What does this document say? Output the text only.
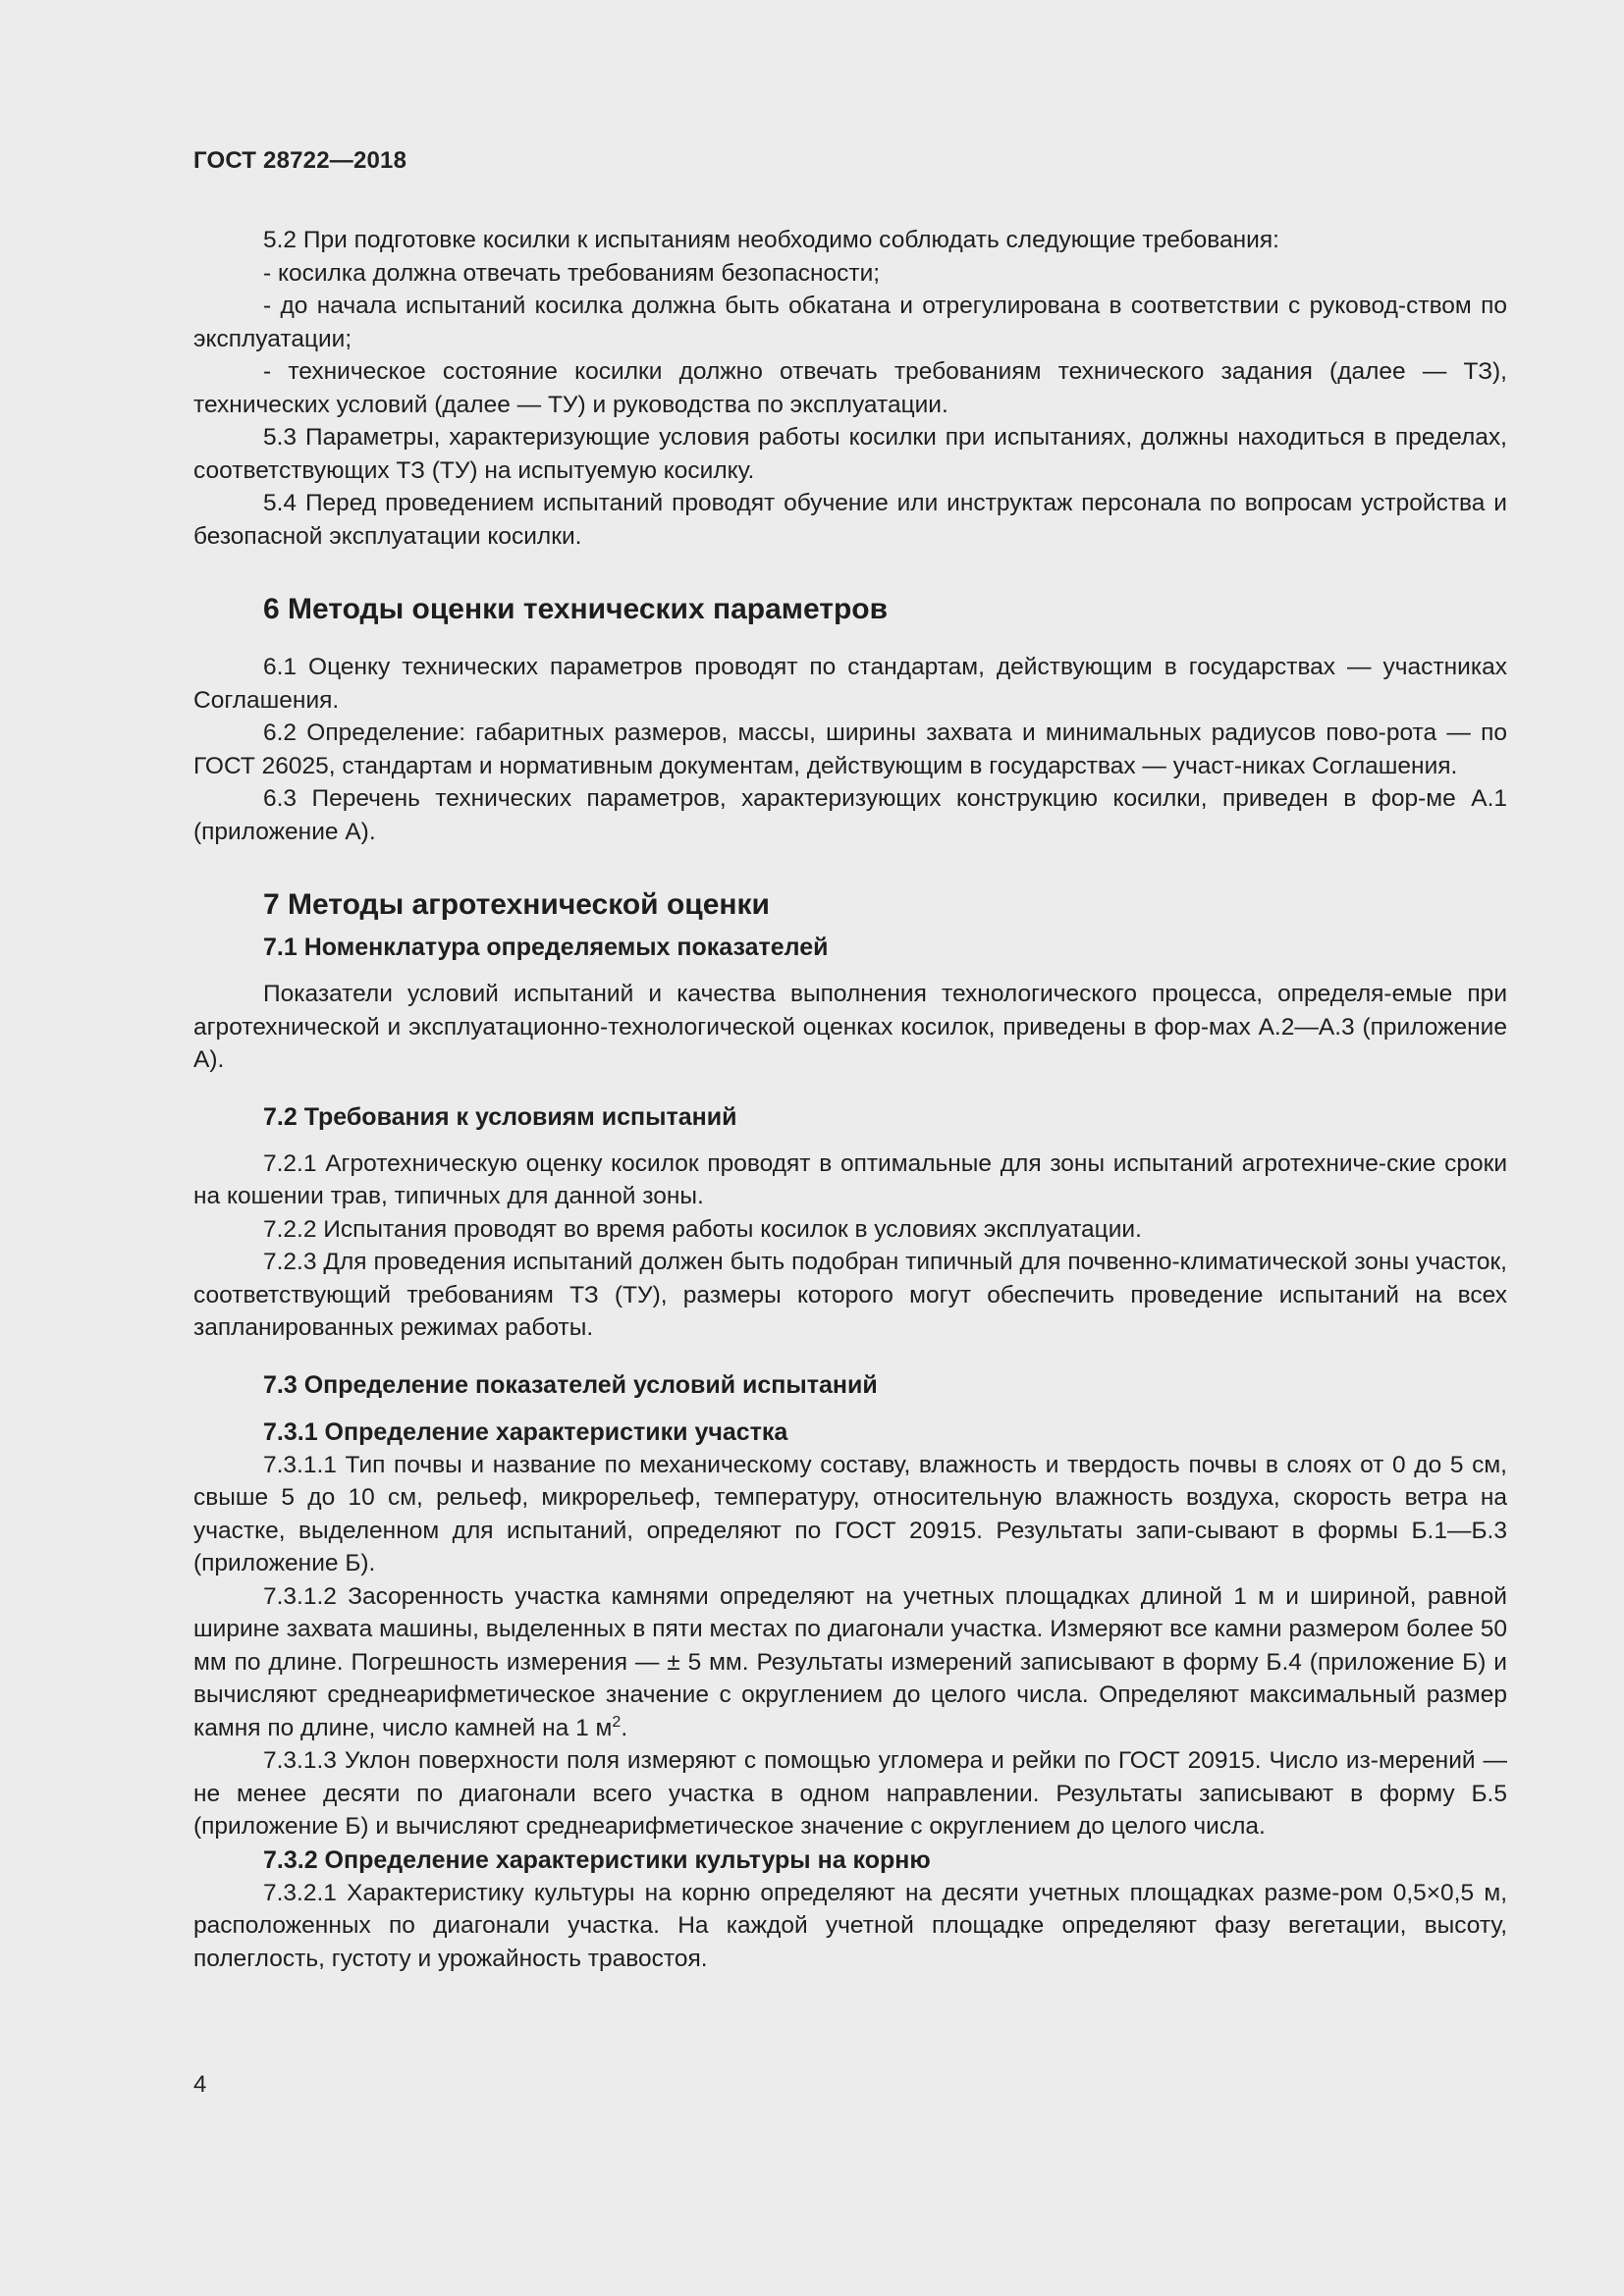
ГОСТ 28722—2018

5.2 При подготовке косилки к испытаниям необходимо соблюдать следующие требования:

- косилка должна отвечать требованиям безопасности;

- до начала испытаний косилка должна быть обкатана и отрегулирована в соответствии с руковод-ством по эксплуатации;

- техническое состояние косилки должно отвечать требованиям технического задания (далее — ТЗ), технических условий (далее — ТУ) и руководства по эксплуатации.

5.3 Параметры, характеризующие условия работы косилки при испытаниях, должны находиться в пределах, соответствующих ТЗ (ТУ) на испытуемую косилку.

5.4 Перед проведением испытаний проводят обучение или инструктаж персонала по вопросам устройства и безопасной эксплуатации косилки.

6 Методы оценки технических параметров

6.1 Оценку технических параметров проводят по стандартам, действующим в государствах — участниках Соглашения.

6.2 Определение: габаритных размеров, массы, ширины захвата и минимальных радиусов пово-рота — по ГОСТ 26025, стандартам и нормативным документам, действующим в государствах — участ-никах Соглашения.

6.3 Перечень технических параметров, характеризующих конструкцию косилки, приведен в фор-ме А.1 (приложение А).

7 Методы агротехнической оценки
7.1 Номенклатура определяемых показателей

Показатели условий испытаний и качества выполнения технологического процесса, определя-емые при агротехнической и эксплуатационно-технологической оценках косилок, приведены в фор-мах А.2—А.3 (приложение А).

7.2 Требования к условиям испытаний

7.2.1 Агротехническую оценку косилок проводят в оптимальные для зоны испытаний агротехниче-ские сроки на кошении трав, типичных для данной зоны.

7.2.2 Испытания проводят во время работы косилок в условиях эксплуатации.

7.2.3 Для проведения испытаний должен быть подобран типичный для почвенно-климатической зоны участок, соответствующий требованиям ТЗ (ТУ), размеры которого могут обеспечить проведение испытаний на всех запланированных режимах работы.

7.3 Определение показателей условий испытаний
7.3.1 Определение характеристики участка

7.3.1.1 Тип почвы и название по механическому составу, влажность и твердость почвы в слоях от 0 до 5 см, свыше 5 до 10 см, рельеф, микрорельеф, температуру, относительную влажность воздуха, скорость ветра на участке, выделенном для испытаний, определяют по ГОСТ 20915. Результаты запи-сывают в формы Б.1—Б.3 (приложение Б).

7.3.1.2 Засоренность участка камнями определяют на учетных площадках длиной 1 м и шириной, равной ширине захвата машины, выделенных в пяти местах по диагонали участка. Измеряют все камни размером более 50 мм по длине. Погрешность измерения — ± 5 мм. Результаты измерений записывают в форму Б.4 (приложение Б) и вычисляют среднеарифметическое значение с округлением до целого числа. Определяют максимальный размер камня по длине, число камней на 1 $м^2$.

7.3.1.3 Уклон поверхности поля измеряют с помощью угломера и рейки по ГОСТ 20915. Число из-мерений — не менее десяти по диагонали всего участка в одном направлении. Результаты записывают в форму Б.5 (приложение Б) и вычисляют среднеарифметическое значение с округлением до целого числа.

7.3.2 Определение характеристики культуры на корню

7.3.2.1 Характеристику культуры на корню определяют на десяти учетных площадках разме-ром 0,5×0,5 м, расположенных по диагонали участка. На каждой учетной площадке определяют фазу вегетации, высоту, полеглость, густоту и урожайность травостоя.

4
